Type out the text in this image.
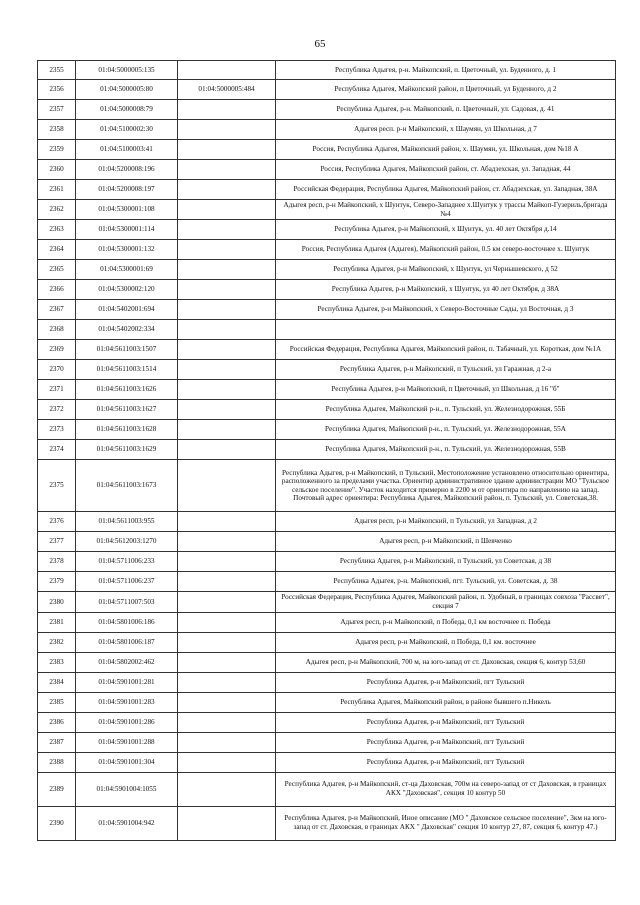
65
2355	01:04:5000005:135		Республика Адыгея, р-н. Майкопский, п. Цветочный, ул. Буденного, д. 1
2356	01:04:5000005:80	01:04:5000005:484	Республика Адыгея, Майкопский район, п Цветочный, ул Буденного, д 2
2357	01:04:5000008:79		Республика Адыгея, р-н. Майкопский, п. Цветочный, ул. Садовая, д. 41
2358	01:04:5100002:30		Адыгея респ. р-н Майкопский, х Шаумян, ул Школьная, д 7
2359	01:04:5100003:41		Россия, Республика Адыгея, Майкопский район, х. Шаумян, ул. Школьная, дом №18 А
2360	01:04:5200008:196		Россия, Республика Адыгея, Майкопский район, ст. Абадзехская, ул. Западная, 44
2361	01:04:5200008:197		Российская Федерация, Республика Адыгея, Майкопский район, ст. Абадзехская, ул. Западная, 38А
2362	01:04:5300001:108		Адыгея респ, р-н Майкопский, х Шунтук, Северо-Западнее х.Шунтук у трассы Майкоп-Гузериль,бригада №4
2363	01:04:5300001:114		Республика Адыгея, р-н Майкопский, х Шунтук, ул. 40 лет Октября д.14
2364	01:04:5300001:132		Россия, Республика Адыгея (Адыгея), Майкопский район, 0.5 км северо-восточнее х. Шунтук
2365	01:04:5300001:69		Республика Адыгея, р-н Майкопский, х Шунтук, ул Чернышевского, д 52
2366	01:04:5300002:120		Республика Адыгея, р-н Майкопский, х Шунтук, ул 40 лет Октября, д 38А
2367	01:04:5402001:694		Республика Адыгея, р-н Майкопский, х Северо-Восточные Сады, ул Восточная, д 3
2368	01:04:5402002:334		
2369	01:04:5611003:1507		Российская Федерация, Республика Адыгея, Майкопский район, п. Табачный, ул. Короткая, дом №1А
2370	01:04:5611003:1514		Республика Адыгея, р-н Майкопский, п Тульский, ул Гаражная, д 2-а
2371	01:04:5611003:1626		Республика Адыгея, р-н Майкопский, п Цветочный, ул Школьная, д 16 "б"
2372	01:04:5611003:1627		Республика Адыгея, Майкопский р-н., п. Тульский, ул. Железнодорожная, 55Б
2373	01:04:5611003:1628		Республика Адыгея, Майкопский р-н., п. Тульский, ул. Железнодорожная, 55А
2374	01:04:5611003:1629		Республика Адыгея, Майкопский р-н., п. Тульский, ул. Железнодорожная, 55В
2375	01:04:5611003:1673		Республика Адыгея, р-н Майкопский, п Тульский, Местоположение установлено относительно ориентира, расположенного за пределами участка. Ориентир административное здание администрации МО "Тульское сельское поселение". Участок находится примерно в 2200 м от ориентира по направлению на запад. Почтовый адрес ориентира: Республика Адыгея, Майкопский район, п. Тульский, ул. Советская,38.
2376	01:04:5611003:955		Адыгея респ, р-н Майкопский, п Тульский, ул Западная, д 2
2377	01:04:5612003:1270		Адыгея респ, р-н Майкопский, п Шевченко
2378	01:04:5711006:233		Республика Адыгея, р-н Майкопский, п Тульский, ул Советская, д 38
2379	01:04:5711006:237		Республика Адыгея, р-н. Майкопский, пгт. Тульский, ул. Советская, д. 38
2380	01:04:5711007:503		Российская Федерация, Республика Адыгея, Майкопский район, п. Удобный, в границах совхоза "Рассвет", секция 7
2381	01:04:5801006:186		Адыгея респ, р-н Майкопский, п Победа, 0,1 км восточнее п. Победа
2382	01:04:5801006:187		Адыгея респ, р-н Майкопский, п Победа, 0,1 км. восточнее
2383	01:04:5802002:462		Адыгея респ, р-н Майкопский, 700 м, на юго-запад от ст. Даховская, секция 6, контур 53,60
2384	01:04:5901001:281		Республика Адыгея, р-н Майкопский, пгт Тульский
2385	01:04:5901001:283		Республика Адыгея, Майкопский район, в районе бывшего п.Никель
2386	01:04:5901001:286		Республика Адыгея, р-н Майкопский, пгт Тульский
2387	01:04:5901001:288		Республика Адыгея, р-н Майкопский, пгт Тульский
2388	01:04:5901001:304		Республика Адыгея, р-н Майкопский, пгт Тульский
2389	01:04:5901004:1055		Республика Адыгея, р-н Майкопский, ст-ца Даховская, 700м на северо-запад от ст Даховская, в границах АКХ "Даховская", секция 10 контур 50
2390	01:04:5901004:942		Республика Адыгея, р-н Майкопский, Иное описание (МО " Даховское сельское поселение", 3км на юго-запад от ст. Даховская, в границах АКХ " Даховская" секция 10 контур 27, 87, секция 6, контур 47.)
